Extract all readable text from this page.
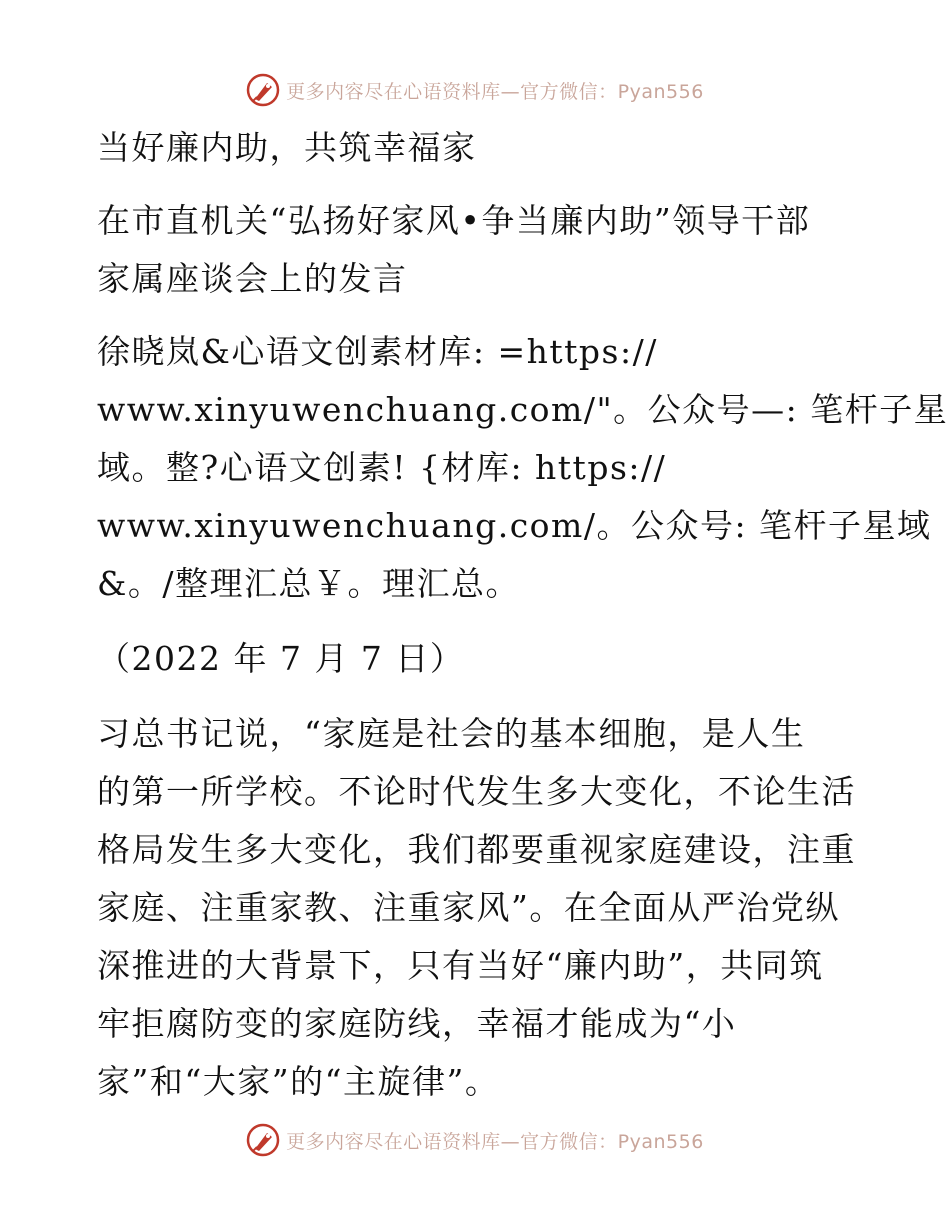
更多内容尽在心语资料库—官方微信：Pyan556
当好廉内助，共筑幸福家
在市直机关“弘扬好家风•争当廉内助”领导干部
家属座谈会上的发言
徐晓岚&心语文创素材库: =https://
www.xinyuwenchuang.com/"。公众号—: 笔杆子星
域。整?心语文创素! {材库: https://
www.xinyuwenchuang.com/。公众号: 笔杆子星域
&。/整理汇总￥。理汇总。
（2022 年 7 月 7 日）
习总书记说，“家庭是社会的基本细胞，是人生
的第一所学校。不论时代发生多大变化，不论生活
格局发生多大变化，我们都要重视家庭建设，注重
家庭、注重家教、注重家风”。在全面从严治党纵
深推进的大背景下，只有当好“廉内助”，共同筑
牢拒腐防变的家庭防线，幸福才能成为“小
家”和“大家”的“主旋律”。
更多内容尽在心语资料库—官方微信：Pyan556
